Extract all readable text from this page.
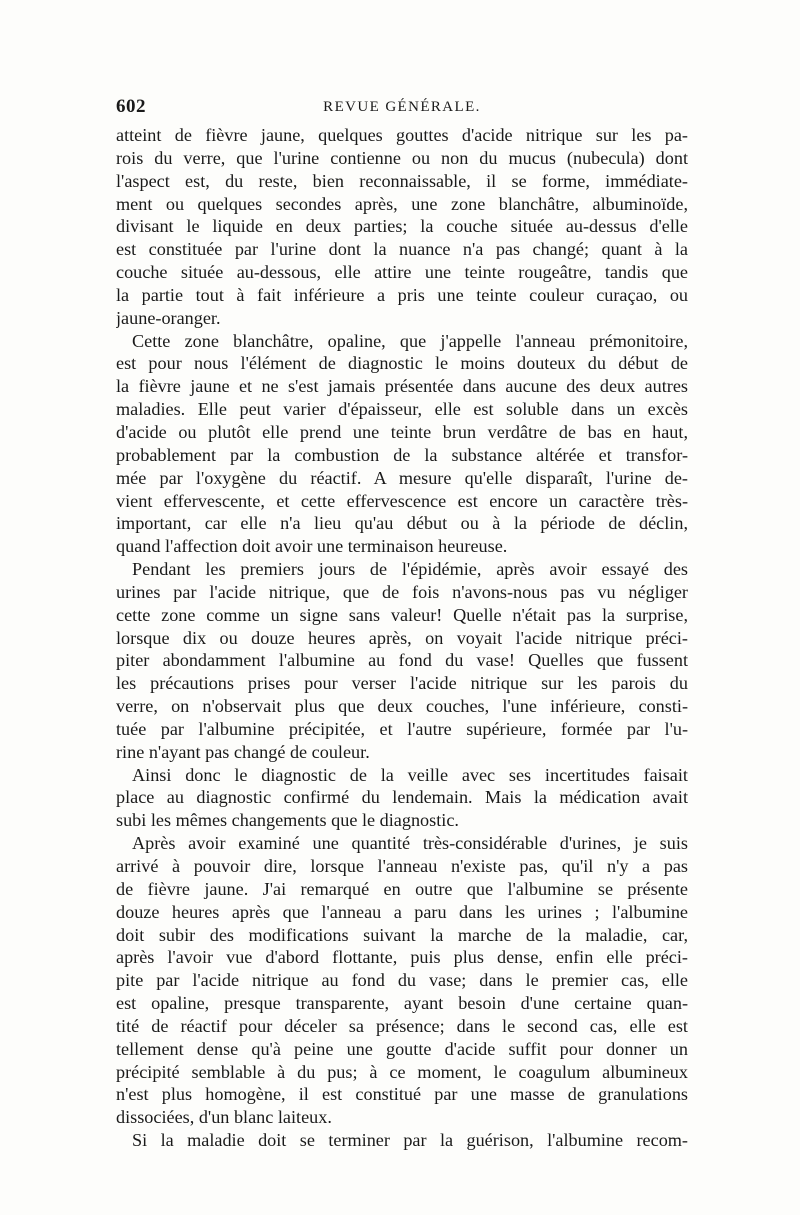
602	REVUE GÉNÉRALE.
atteint de fièvre jaune, quelques gouttes d'acide nitrique sur les pa-
rois du verre, que l'urine contienne ou non du mucus (nubecula) dont
l'aspect est, du reste, bien reconnaissable, il se forme, immédiate-
ment ou quelques secondes après, une zone blanchâtre, albuminoïde,
divisant le liquide en deux parties; la couche située au-dessus d'elle
est constituée par l'urine dont la nuance n'a pas changé; quant à la
couche située au-dessous, elle attire une teinte rougeâtre, tandis que
la partie tout à fait inférieure a pris une teinte couleur curaçao, ou
jaune-oranger.
Cette zone blanchâtre, opaline, que j'appelle l'anneau prémonitoire,
est pour nous l'élément de diagnostic le moins douteux du début de
la fièvre jaune et ne s'est jamais présentée dans aucune des deux autres
maladies. Elle peut varier d'épaisseur, elle est soluble dans un excès
d'acide ou plutôt elle prend une teinte brun verdâtre de bas en haut,
probablement par la combustion de la substance altérée et transfor-
mée par l'oxygène du réactif. A mesure qu'elle disparaît, l'urine de-
vient effervescente, et cette effervescence est encore un caractère très-
important, car elle n'a lieu qu'au début ou à la période de déclin,
quand l'affection doit avoir une terminaison heureuse.
Pendant les premiers jours de l'épidémie, après avoir essayé des
urines par l'acide nitrique, que de fois n'avons-nous pas vu négliger
cette zone comme un signe sans valeur! Quelle n'était pas la surprise,
lorsque dix ou douze heures après, on voyait l'acide nitrique préci-
piter abondamment l'albumine au fond du vase! Quelles que fussent
les précautions prises pour verser l'acide nitrique sur les parois du
verre, on n'observait plus que deux couches, l'une inférieure, consti-
tuée par l'albumine précipitée, et l'autre supérieure, formée par l'u-
rine n'ayant pas changé de couleur.
Ainsi donc le diagnostic de la veille avec ses incertitudes faisait
place au diagnostic confirmé du lendemain. Mais la médication avait
subi les mêmes changements que le diagnostic.
Après avoir examiné une quantité très-considérable d'urines, je suis
arrivé à pouvoir dire, lorsque l'anneau n'existe pas, qu'il n'y a pas
de fièvre jaune. J'ai remarqué en outre que l'albumine se présente
douze heures après que l'anneau a paru dans les urines ; l'albumine
doit subir des modifications suivant la marche de la maladie, car,
après l'avoir vue d'abord flottante, puis plus dense, enfin elle préci-
pite par l'acide nitrique au fond du vase; dans le premier cas, elle
est opaline, presque transparente, ayant besoin d'une certaine quan-
tité de réactif pour déceler sa présence; dans le second cas, elle est
tellement dense qu'à peine une goutte d'acide suffit pour donner un
précipité semblable à du pus; à ce moment, le coagulum albumineux
n'est plus homogène, il est constitué par une masse de granulations
dissociées, d'un blanc laiteux.
Si la maladie doit se terminer par la guérison, l'albumine recom-
